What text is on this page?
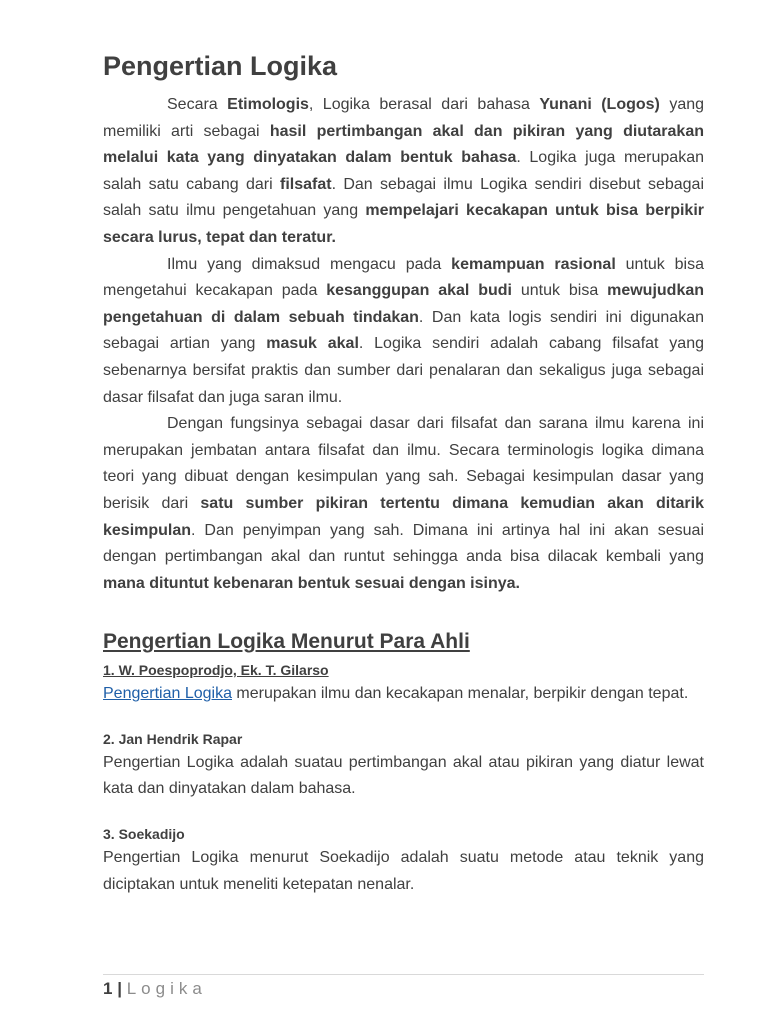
Pengertian Logika

Secara Etimologis, Logika berasal dari bahasa Yunani (Logos) yang memiliki arti sebagai hasil pertimbangan akal dan pikiran yang diutarakan melalui kata yang dinyatakan dalam bentuk bahasa. Logika juga merupakan salah satu cabang dari filsafat. Dan sebagai ilmu Logika sendiri disebut sebagai salah satu ilmu pengetahuan yang mempelajari kecakapan untuk bisa berpikir secara lurus, tepat dan teratur.

Ilmu yang dimaksud mengacu pada kemampuan rasional untuk bisa mengetahui kecakapan pada kesanggupan akal budi untuk bisa mewujudkan pengetahuan di dalam sebuah tindakan. Dan kata logis sendiri ini digunakan sebagai artian yang masuk akal. Logika sendiri adalah cabang filsafat yang sebenarnya bersifat praktis dan sumber dari penalaran dan sekaligus juga sebagai dasar filsafat dan juga saran ilmu.

Dengan fungsinya sebagai dasar dari filsafat dan sarana ilmu karena ini merupakan jembatan antara filsafat dan ilmu. Secara terminologis logika dimana teori yang dibuat dengan kesimpulan yang sah. Sebagai kesimpulan dasar yang berisik dari satu sumber pikiran tertentu dimana kemudian akan ditarik kesimpulan. Dan penyimpan yang sah. Dimana ini artinya hal ini akan sesuai dengan pertimbangan akal dan runtut sehingga anda bisa dilacak kembali yang mana dituntut kebenaran bentuk sesuai dengan isinya.

Pengertian Logika Menurut Para Ahli
1. W. Poespoprodjo, Ek. T. Gilarso

Pengertian Logika merupakan ilmu dan kecakapan menalar, berpikir dengan tepat.

2. Jan Hendrik Rapar

Pengertian Logika adalah suatau pertimbangan akal atau pikiran yang diatur lewat kata dan dinyatakan dalam bahasa.

3. Soekadijo

Pengertian Logika menurut Soekadijo adalah suatu metode atau teknik yang diciptakan untuk meneliti ketepatan nenalar.

1 | Logika
